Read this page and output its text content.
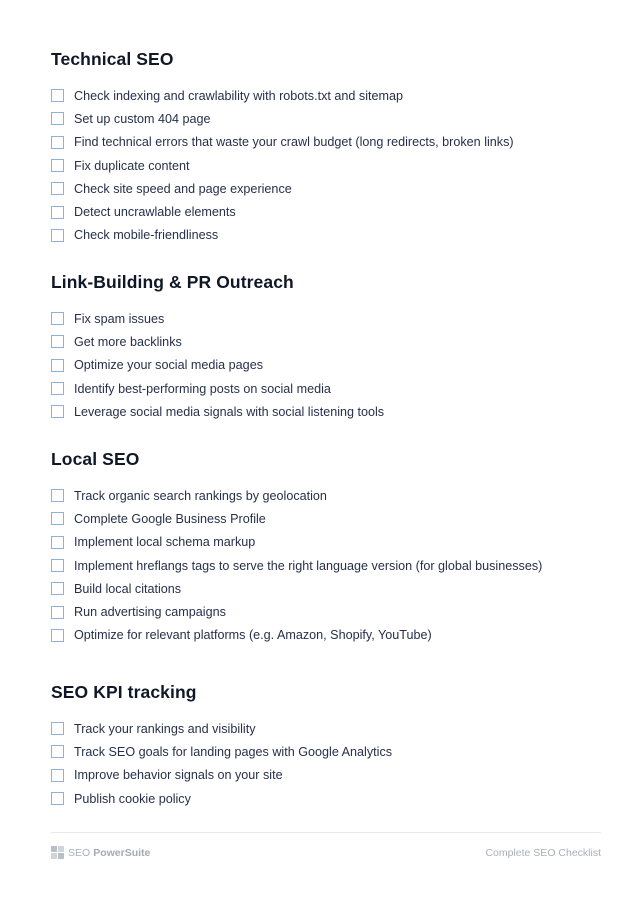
Technical SEO
Check indexing and crawlability with robots.txt and sitemap
Set up custom 404 page
Find technical errors that waste your crawl budget (long redirects, broken links)
Fix duplicate content
Check site speed and page experience
Detect uncrawlable elements
Check mobile-friendliness
Link-Building & PR Outreach
Fix spam issues
Get more backlinks
Optimize your social media pages
Identify best-performing posts on social media
Leverage social media signals with social listening tools
Local SEO
Track organic search rankings by geolocation
Complete Google Business Profile
Implement local schema markup
Implement hreflangs tags to serve the right language version (for global businesses)
Build local citations
Run advertising campaigns
Optimize for relevant platforms (e.g. Amazon, Shopify, YouTube)
SEO KPI tracking
Track your rankings and visibility
Track SEO goals for landing pages with Google Analytics
Improve behavior signals on your site
Publish cookie policy
SEO PowerSuite	Complete SEO Checklist
